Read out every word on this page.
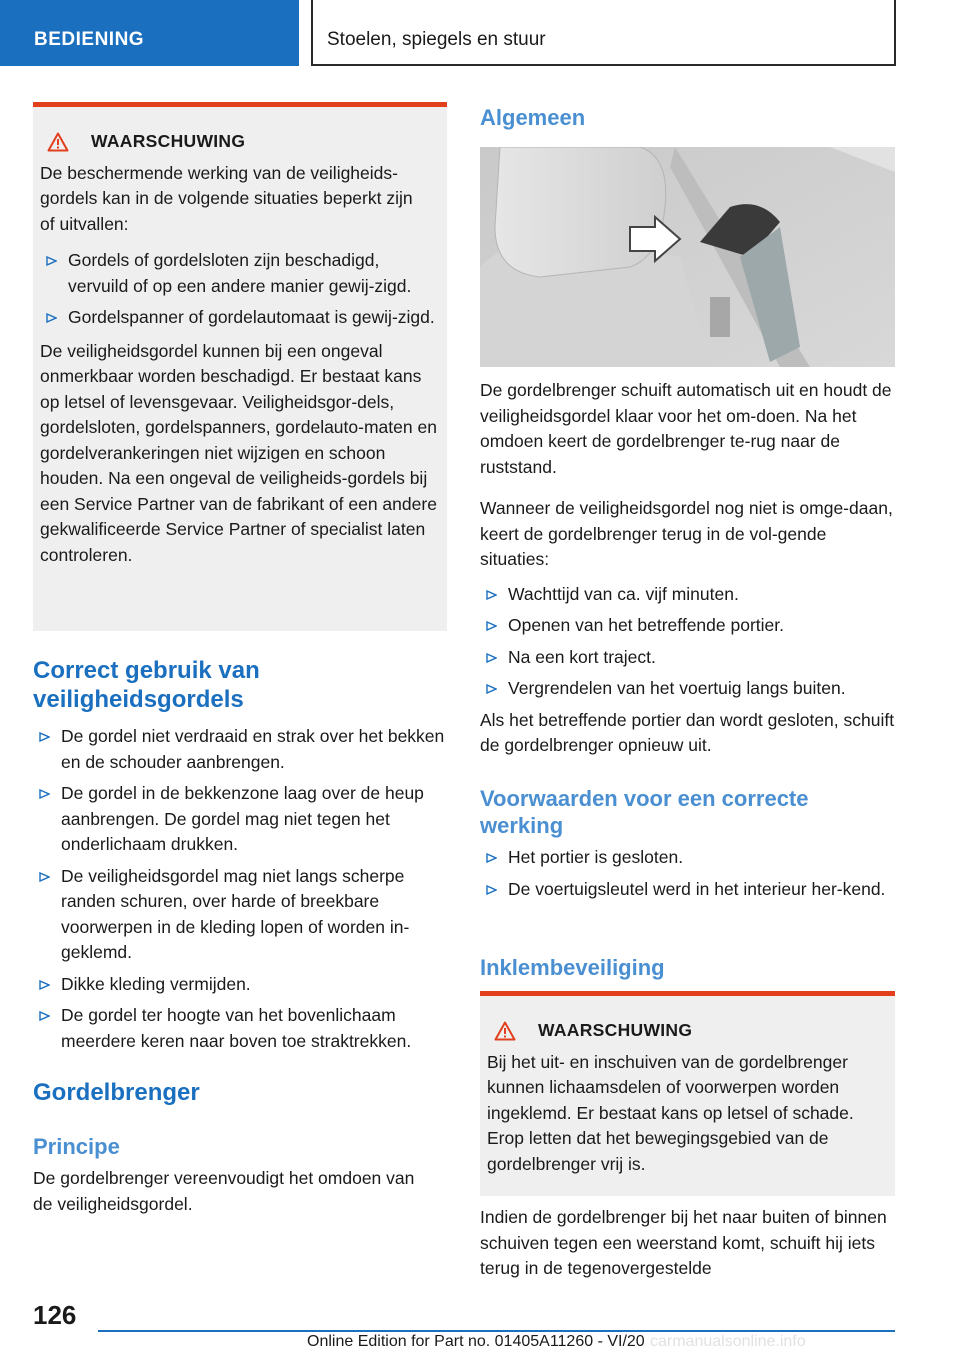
BEDIENING	Stoelen, spiegels en stuur
WAARSCHUWING

De beschermende werking van de veiligheids-gordels kan in de volgende situaties beperkt zijn of uitvallen:

Gordels of gordelsloten zijn beschadigd, vervuild of op een andere manier gewij-zigd.
Gordelspanner of gordelautomaat is gewij-zigd.

De veiligheidsgordel kunnen bij een ongeval onmerkbaar worden beschadigd. Er bestaat kans op letsel of levensgevaar. Veiligheidsgor-dels, gordelsloten, gordelspanners, gordelauto-maten en gordelverankeringen niet wijzigen en schoon houden. Na een ongeval de veiligheids-gordels bij een Service Partner van de fabrikant of een andere gekwalificeerde Service Partner of specialist laten controleren.

Correct gebruik van veiligheidsgordels
De gordel niet verdraaid en strak over het bekken en de schouder aanbrengen.
De gordel in de bekkenzone laag over de heup aanbrengen. De gordel mag niet tegen het onderlichaam drukken.
De veiligheidsgordel mag niet langs scherpe randen schuren, over harde of breekbare voorwerpen in de kleding lopen of worden in-geklemd.
Dikke kleding vermijden.
De gordel ter hoogte van het bovenlichaam meerdere keren naar boven toe straktrekken.
Gordelbrenger
Principe

De gordelbrenger vereenvoudigt het omdoen van de veiligheidsgordel.

Algemeen

De gordelbrenger schuift automatisch uit en houdt de veiligheidsgordel klaar voor het om-doen. Na het omdoen keert de gordelbrenger te-rug naar de ruststand.

Wanneer de veiligheidsgordel nog niet is omge-daan, keert de gordelbrenger terug in de vol-gende situaties:

Wachttijd van ca. vijf minuten.
Openen van het betreffende portier.
Na een kort traject.
Vergrendelen van het voertuig langs buiten.

Als het betreffende portier dan wordt gesloten, schuift de gordelbrenger opnieuw uit.

Voorwaarden voor een correcte werking
Het portier is gesloten.
De voertuigsleutel werd in het interieur her-kend.
Inklembeveiliging
WAARSCHUWING

Bij het uit- en inschuiven van de gordelbrenger kunnen lichaamsdelen of voorwerpen worden ingeklemd. Er bestaat kans op letsel of schade. Erop letten dat het bewegingsgebied van de gordelbrenger vrij is.

Indien de gordelbrenger bij het naar buiten of binnen schuiven tegen een weerstand komt, schuift hij iets terug in de tegenovergestelde

126
Online Edition for Part no. 01405A11260 - VI/20 carmanualsonline.info
